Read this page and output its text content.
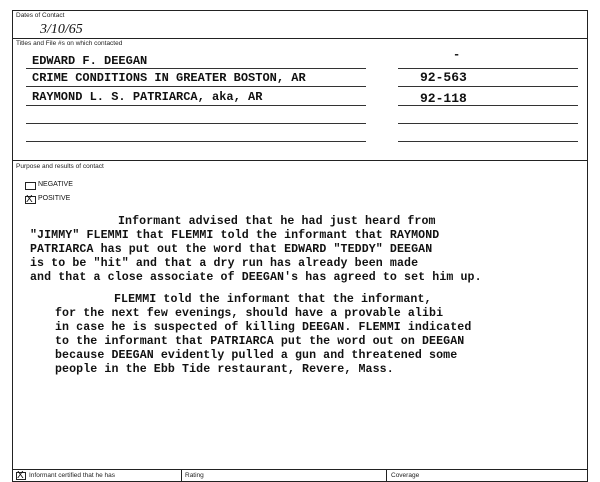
Dates of Contact
3/10/65
Titles and File #s on which contacted
EDWARD F. DEEGAN	-
CRIME CONDITIONS IN GREATER BOSTON, AR	92-563
RAYMOND L. S. PATRIARCA, aka, AR	92-118
Purpose and results of contact
NEGATIVE
X POSITIVE
Informant advised that he had just heard from
"JIMMY" FLEMMI that FLEMMI told the informant that RAYMOND
PATRIARCA has put out the word that EDWARD "TEDDY" DEEGAN
is to be "hit" and that a dry run has already been made
and that a close associate of DEEGAN's has agreed to set him up.
FLEMMI told the informant that the informant,
for the next few evenings, should have a provable alibi
in case he is suspected of killing DEEGAN. FLEMMI indicated
to the informant that PATRIARCA put the word out on DEEGAN
because DEEGAN evidently pulled a gun and threatened some
people in the Ebb Tide restaurant, Revere, Mass.
X Informant certified that he has	Rating	Coverage
